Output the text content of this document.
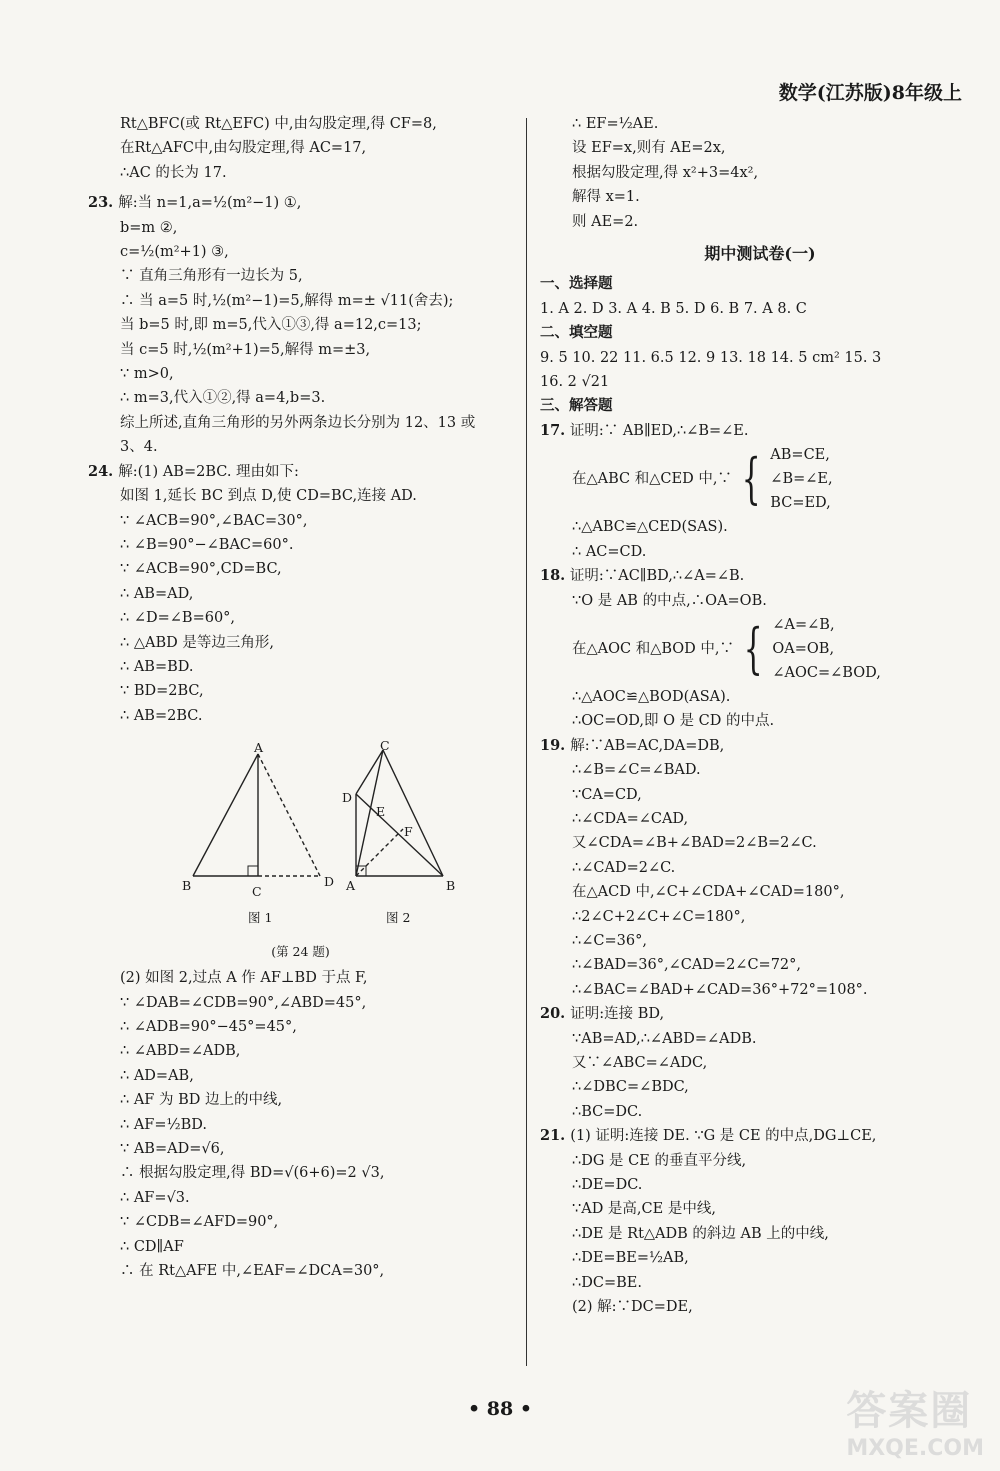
数学(江苏版)8年级上
Rt△BFC(或 Rt△EFC) 中,由勾股定理,得 CF=8,
在Rt△AFC中,由勾股定理,得 AC=17,
∴AC 的长为 17.
23. 解:当 n=1,a=½(m²−1) ①,
b=m ②,
c=½(m²+1) ③,
∵ 直角三角形有一边长为 5,
∴ 当 a=5 时,½(m²−1)=5,解得 m=± √11(舍去);
当 b=5 时,即 m=5,代入①③,得 a=12,c=13;
当 c=5 时,½(m²+1)=5,解得 m=±3,
∵ m>0,
∴ m=3,代入①②,得 a=4,b=3.
综上所述,直角三角形的另外两条边长分别为 12、13 或
3、4.
24. 解:(1) AB=2BC. 理由如下:
如图 1,延长 BC 到点 D,使 CD=BC,连接 AD.
∵ ∠ACB=90°,∠BAC=30°,
∴ ∠B=90°−∠BAC=60°.
∵ ∠ACB=90°,CD=BC,
∴ AB=AD,
∴ ∠D=∠B=60°,
∴ △ABD 是等边三角形,
∴ AB=BD.
∵ BD=2BC,
∴ AB=2BC.
A
B	C
D
C
D
E
F
A	B
图 1	图 2
(第 24 题)
(2) 如图 2,过点 A 作 AF⊥BD 于点 F,
∵ ∠DAB=∠CDB=90°,∠ABD=45°,
∴ ∠ADB=90°−45°=45°,
∴ ∠ABD=∠ADB,
∴ AD=AB,
∴ AF 为 BD 边上的中线,
∴ AF=½BD.
∵ AB=AD=√6,
∴ 根据勾股定理,得 BD=√(6+6)=2 √3,
∴ AF=√3.
∵ ∠CDB=∠AFD=90°,
∴ CD∥AF
∴ 在 Rt△AFE 中,∠EAF=∠DCA=30°,
∴ EF=½AE.
设 EF=x,则有 AE=2x,
根据勾股定理,得 x²+3=4x²,
解得 x=1.
则 AE=2.
期中测试卷(一)
一、选择题
1. A 2. D 3. A 4. B 5. D 6. B 7. A 8. C
二、填空题
9. 5 10. 22 11. 6.5 12. 9 13. 18 14. 5 cm² 15. 3
16. 2 √21
三、解答题
17. 证明:∵ AB∥ED,∴∠B=∠E.
在△ABC 和△CED 中,∵ { AB=CE,
∠B=∠E,
BC=ED,
∴△ABC≌△CED(SAS).
∴ AC=CD.
18. 证明:∵AC∥BD,∴∠A=∠B.
∵O 是 AB 的中点,∴OA=OB.
在△AOC 和△BOD 中,∵ { ∠A=∠B,
OA=OB,
∠AOC=∠BOD,
∴△AOC≌△BOD(ASA).
∴OC=OD,即 O 是 CD 的中点.
19. 解:∵AB=AC,DA=DB,
∴∠B=∠C=∠BAD.
∵CA=CD,
∴∠CDA=∠CAD,
又∠CDA=∠B+∠BAD=2∠B=2∠C.
∴∠CAD=2∠C.
在△ACD 中,∠C+∠CDA+∠CAD=180°,
∴2∠C+2∠C+∠C=180°,
∴∠C=36°,
∴∠BAD=36°,∠CAD=2∠C=72°,
∴∠BAC=∠BAD+∠CAD=36°+72°=108°.
20. 证明:连接 BD,
∵AB=AD,∴∠ABD=∠ADB.
又∵∠ABC=∠ADC,
∴∠DBC=∠BDC,
∴BC=DC.
21. (1) 证明:连接 DE. ∵G 是 CE 的中点,DG⊥CE,
∴DG 是 CE 的垂直平分线,
∴DE=DC.
∵AD 是高,CE 是中线,
∴DE 是 Rt△ADB 的斜边 AB 上的中线,
∴DE=BE=½AB,
∴DC=BE.
(2) 解:∵DC=DE,
• 88 •	答案圈
MXQE.COM
